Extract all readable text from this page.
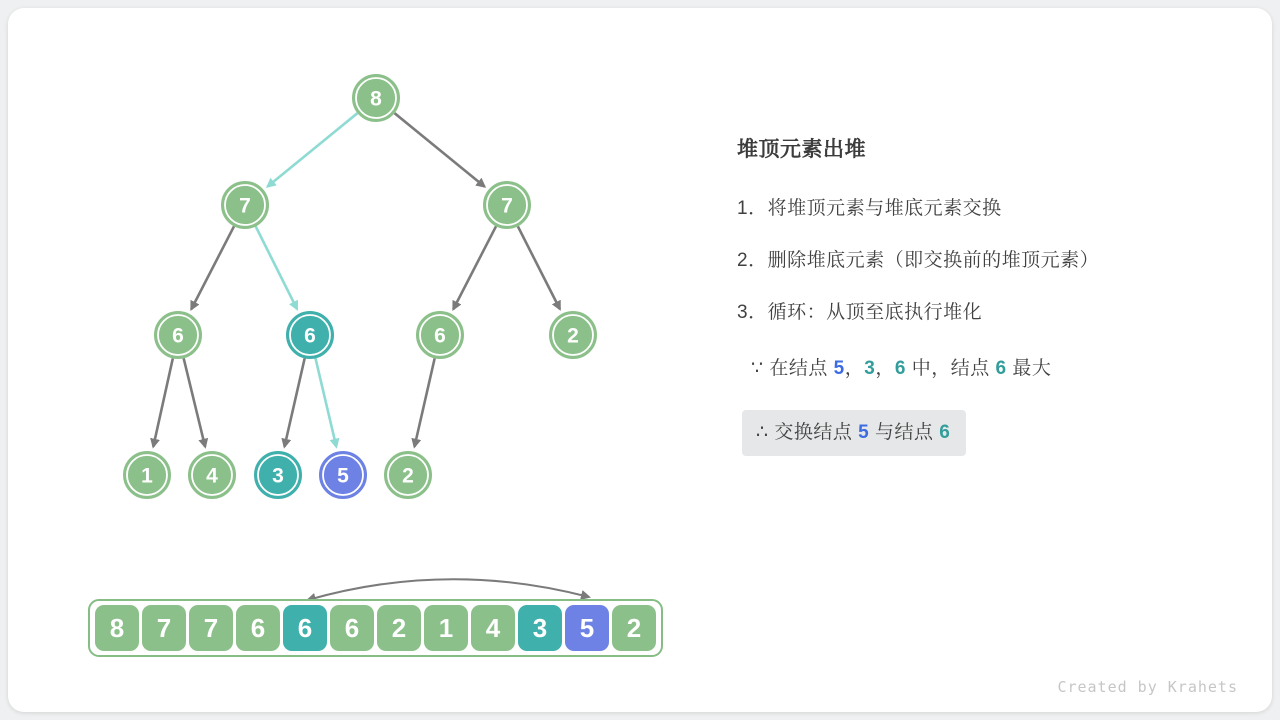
8
7	7
6	6	6	2
1	4	3	5	2
8	7	7	6	6	6	2	1	4	3	5	2
堆顶元素出堆
1．将堆顶元素与堆底元素交换
2．删除堆底元素（即交换前的堆顶元素）
3．循环：从顶至底执行堆化
∵ 在结点 5，3，6 中，结点 6 最大

∴ 交换结点 5 与结点 6
Created by Krahets
